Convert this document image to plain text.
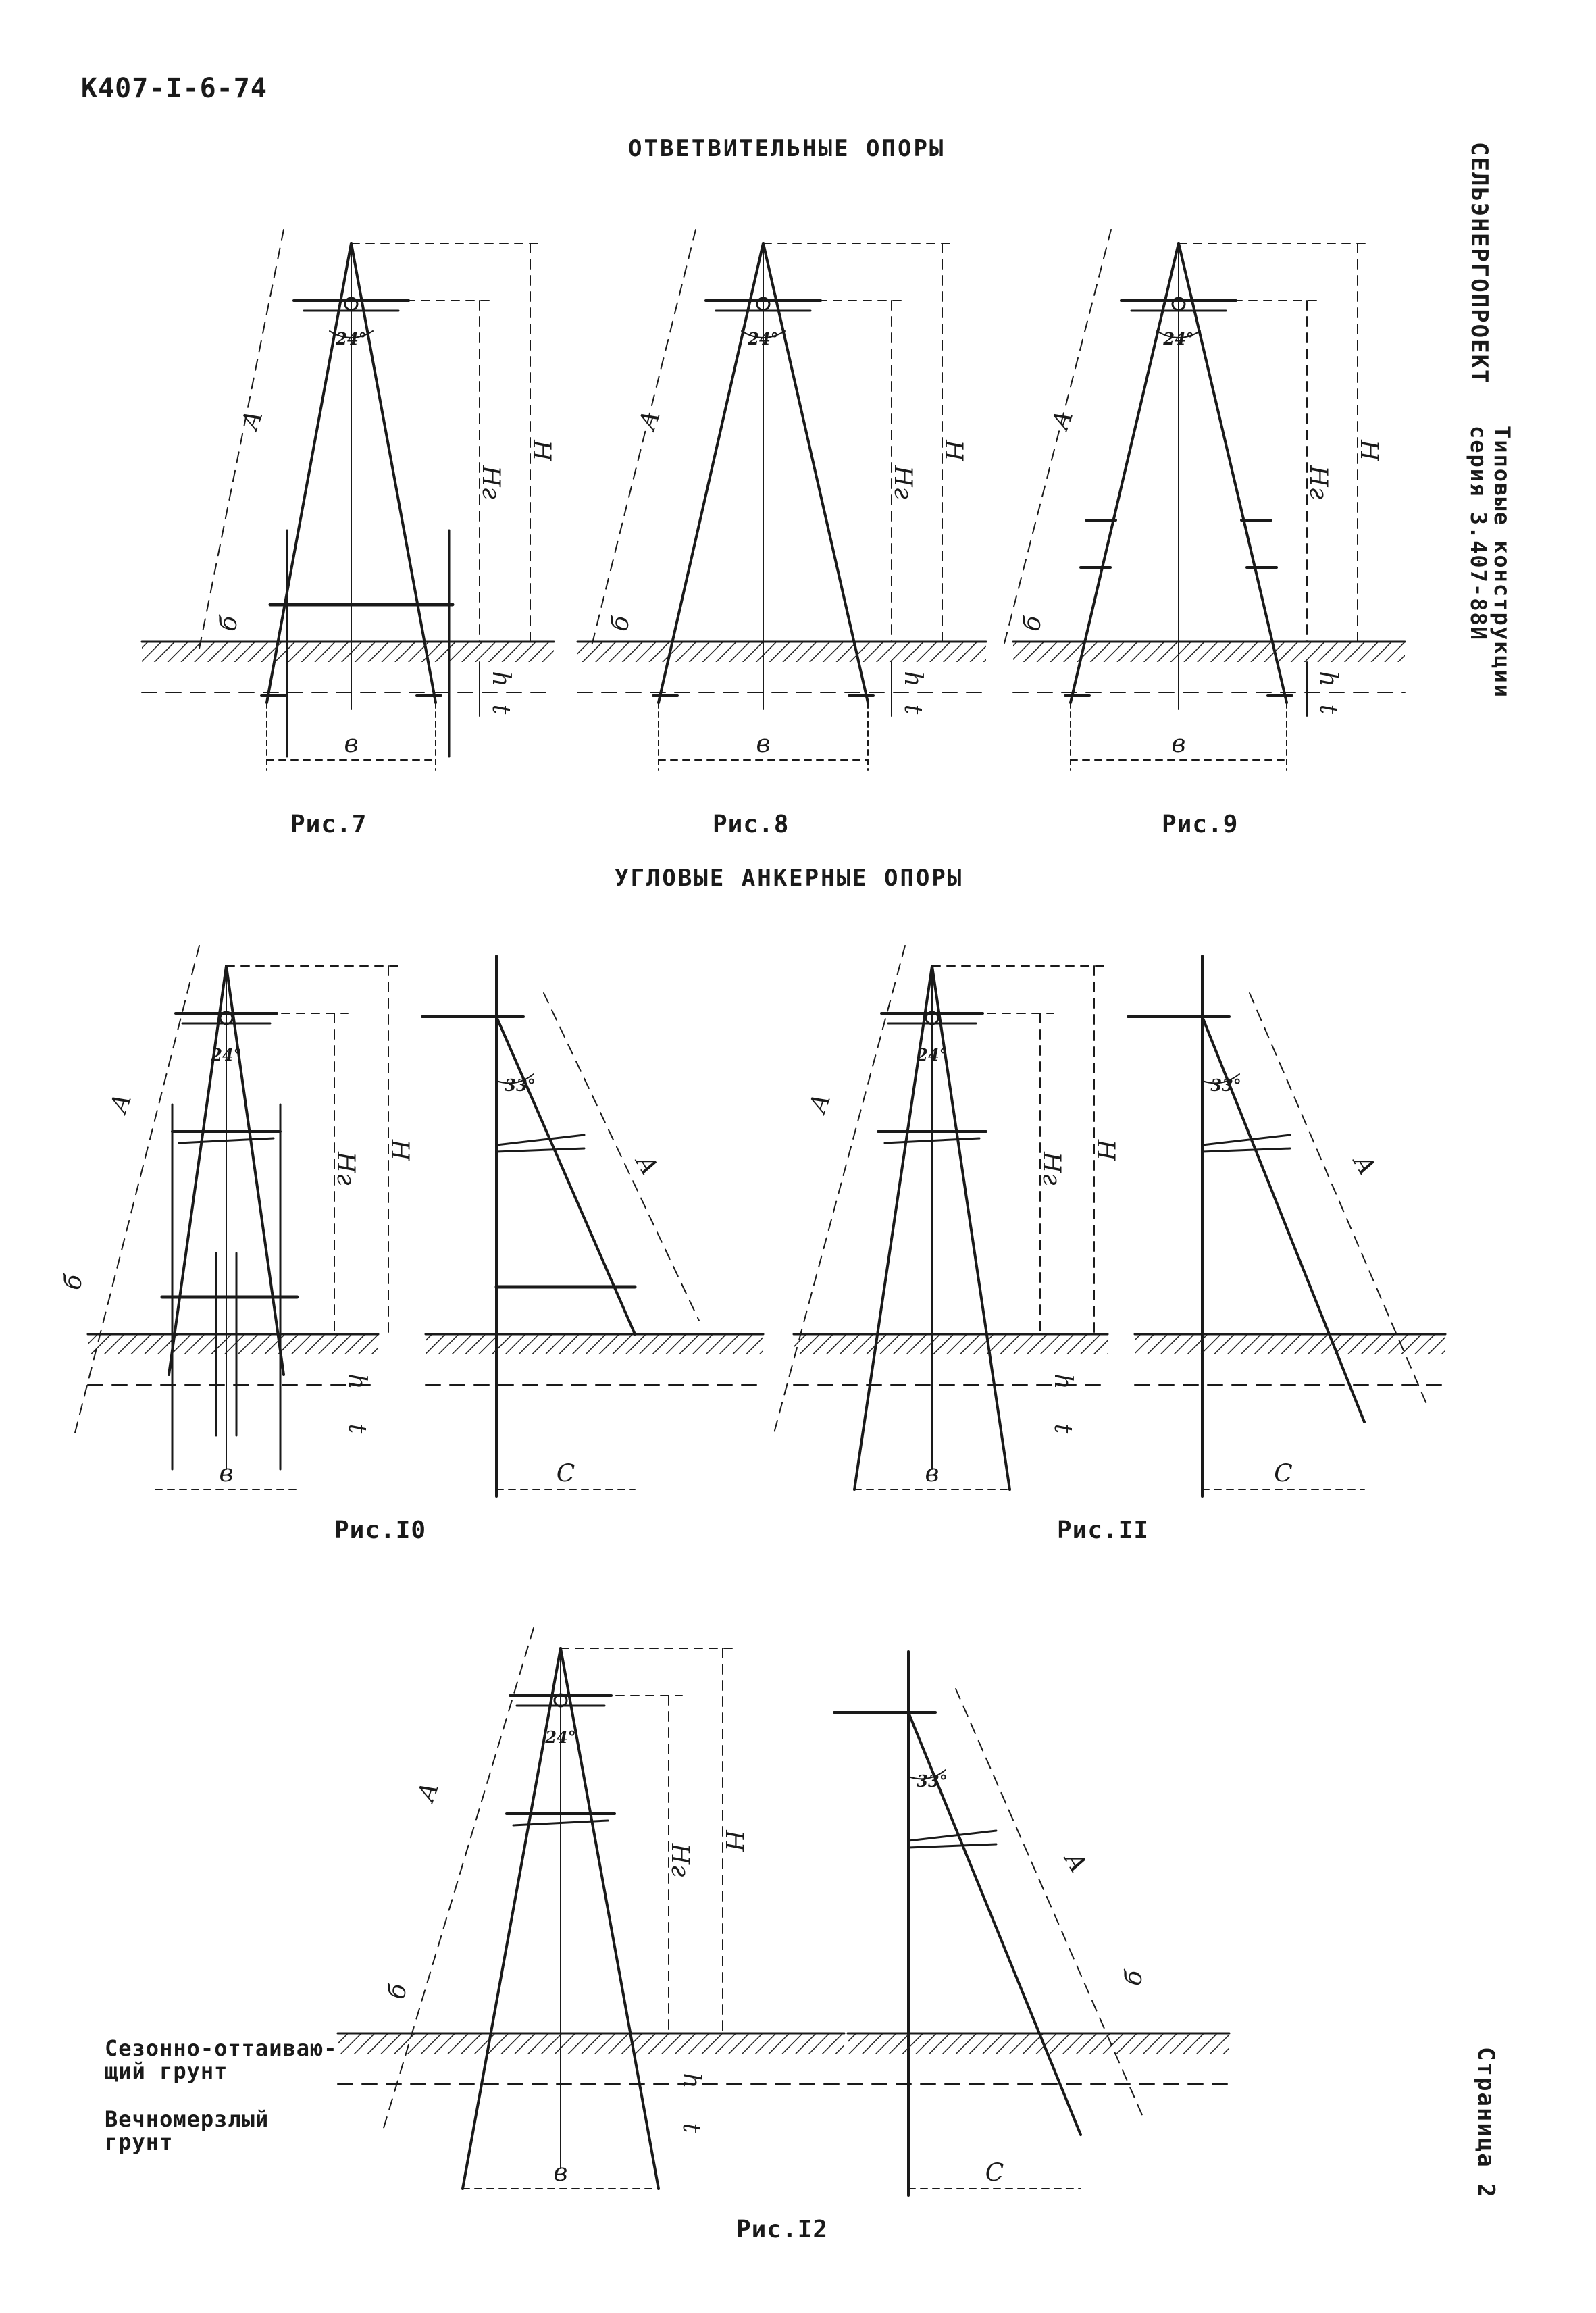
К407-I-6-74
ОТВЕТВИТЕЛЬНЫЕ ОПОРЫ
УГЛОВЫЕ АНКЕРНЫЕ ОПОРЫ
СЕЛЬЭНЕРГОПРОЕКТ
Типовые конструкции
серия 3.407-88И
Страница 2
Рис.7	Рис.8	Рис.9
Рис.I0	Рис.II
Рис.I2
Сезонно-оттаиваю-
щий грунт
Вечномерзлый
грунт
24°
Н
Нг
h
t
А
б
в
24°
Н
Нг
h
t
А
б
в
24°
Н
Нг
h
t
А
б
в
24°
Н
Нг
h
t
А
в
б
24°
Н
Нг
h
t
А
в
24°
Н
Нг
h
t
А
в
б
33°
А
С
33°
А
С
33°
А
С
б
